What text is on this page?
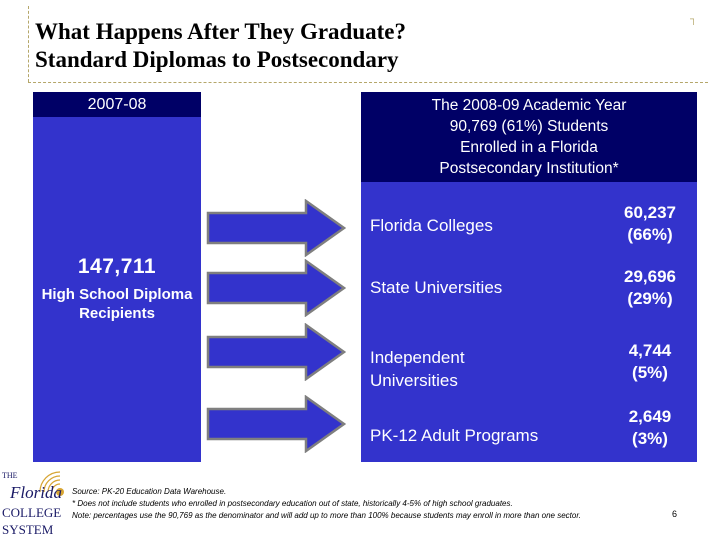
What Happens After They Graduate?
Standard Diplomas to Postsecondary
┐
2007-08
147,711
High School Diploma Recipients
The 2008-09 Academic Year
90,769 (61%) Students
Enrolled in a Florida
Postsecondary Institution*
Florida Colleges
60,237
(66%)
State Universities
29,696
(29%)
Independent
Universities
4,744
(5%)
PK-12 Adult Programs
2,649
(3%)
THE
Florida
COLLEGE
SYSTEM
Source: PK-20 Education Data Warehouse.
* Does not include students who enrolled in postsecondary education out of state, historically 4-5% of high school graduates.
Note: percentages use the 90,769 as the denominator and will add up to more than 100% because students may enroll in more than one sector.	6
